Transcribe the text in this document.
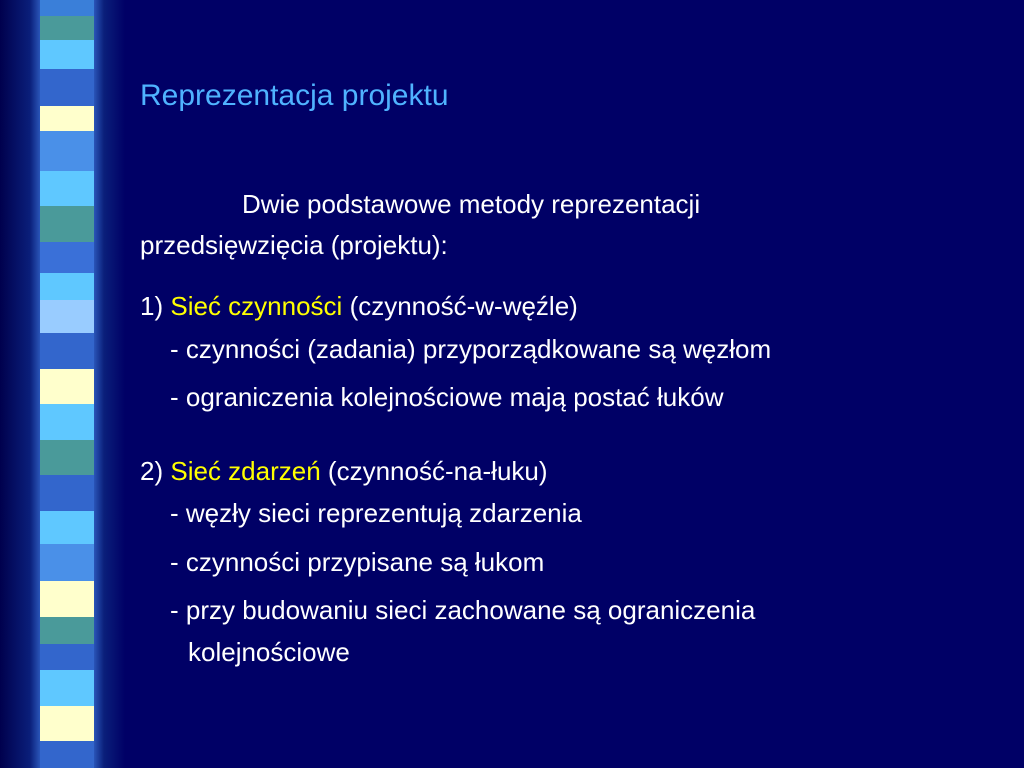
Reprezentacja projektu
Dwie podstawowe metody reprezentacji
przedsięwzięcia (projektu):
1) Sieć czynności (czynność-w-węźle)
- czynności (zadania) przyporządkowane są węzłom
- ograniczenia kolejnościowe mają postać łuków
2) Sieć zdarzeń (czynność-na-łuku)
- węzły sieci reprezentują zdarzenia
- czynności przypisane są łukom
- przy budowaniu sieci zachowane są ograniczenia
kolejnościowe
